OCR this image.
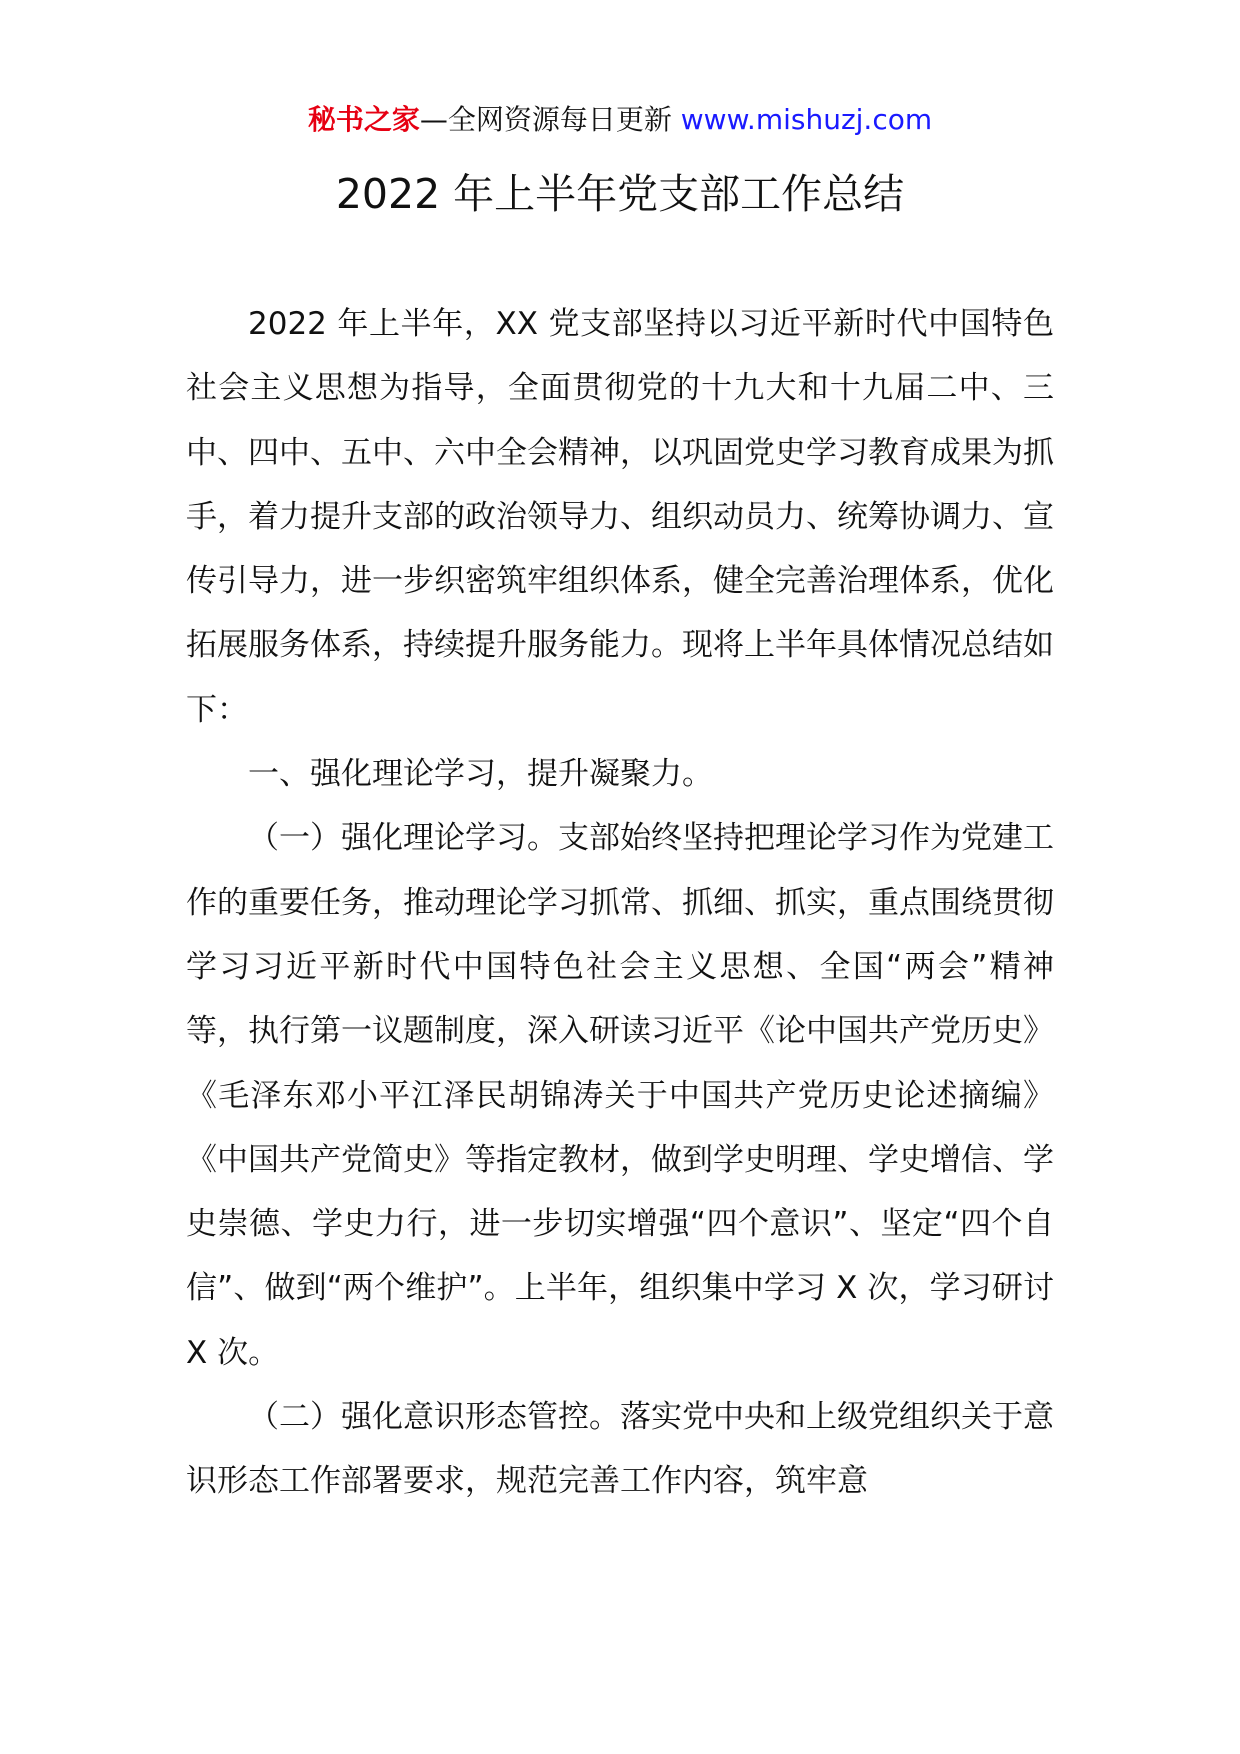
秘书之家—全网资源每日更新 www.mishuzj.com
2022 年上半年党支部工作总结

2022 年上半年，XX 党支部坚持以习近平新时代中国特色社会主义思想为指导，全面贯彻党的十九大和十九届二中、三中、四中、五中、六中全会精神，以巩固党史学习教育成果为抓手，着力提升支部的政治领导力、组织动员力、统筹协调力、宣传引导力，进一步织密筑牢组织体系，健全完善治理体系，优化拓展服务体系，持续提升服务能力。现将上半年具体情况总结如下：

一、强化理论学习，提升凝聚力。

（一）强化理论学习。支部始终坚持把理论学习作为党建工作的重要任务，推动理论学习抓常、抓细、抓实，重点围绕贯彻学习习近平新时代中国特色社会主义思想、全国“两会”精神等，执行第一议题制度，深入研读习近平《论中国共产党历史》《毛泽东邓小平江泽民胡锦涛关于中国共产党历史论述摘编》《中国共产党简史》等指定教材，做到学史明理、学史增信、学史崇德、学史力行，进一步切实增强“四个意识”、坚定“四个自信”、做到“两个维护”。上半年，组织集中学习 X 次，学习研讨 X 次。

（二）强化意识形态管控。落实党中央和上级党组织关于意识形态工作部署要求，规范完善工作内容，筑牢意
